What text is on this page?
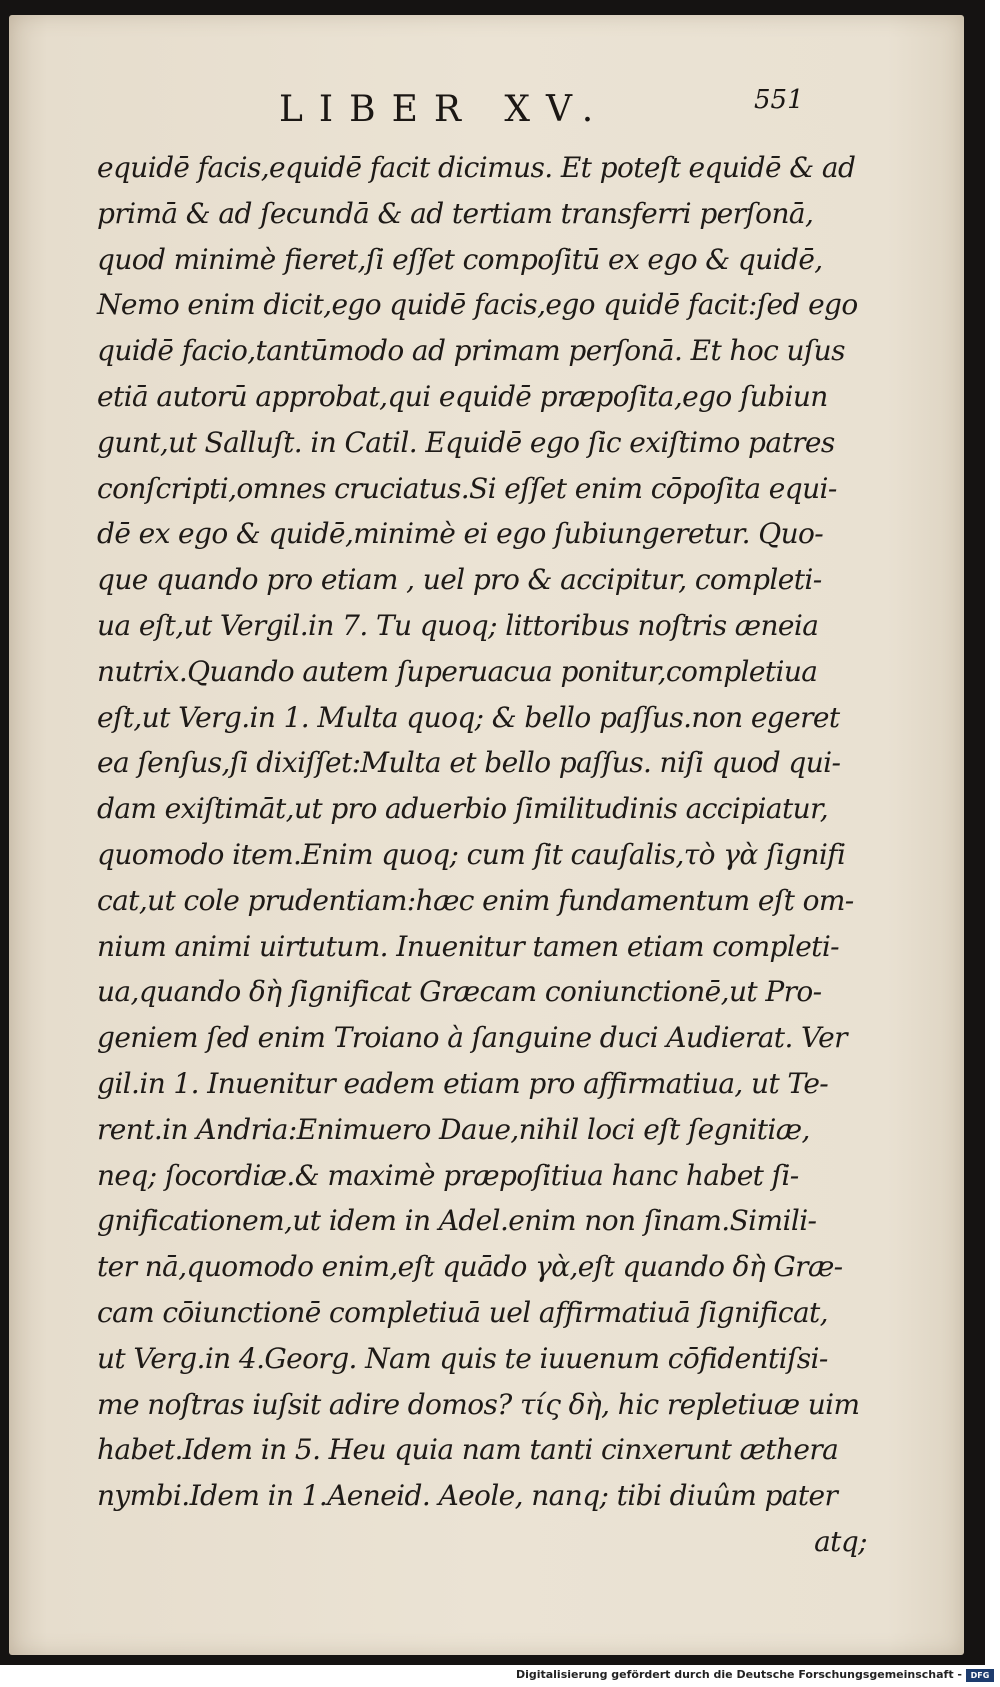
LIBER XV.	551
equidē facis,equidē facit dicimus. Et poteſt equidē & ad
primā & ad ſecundā & ad tertiam transferri perſonā,
quod minimè fieret,ſi eſſet compoſitū ex ego & quidē,
Nemo enim dicit,ego quidē facis,ego quidē facit:ſed ego
quidē facio,tantūmodo ad primam perſonā. Et hoc uſus
etiā autorū approbat,qui equidē præpoſita,ego ſubiun
gunt,ut Salluſt. in Catil. Equidē ego ſic exiſtimo patres
conſcripti,omnes cruciatus.Si eſſet enim cōpoſita equi-
dē ex ego & quidē,minimè ei ego ſubiungeretur. Quo-
que quando pro etiam , uel pro & accipitur, completi-
ua eſt,ut Vergil.in 7. Tu quoq; littoribus noſtris æneia
nutrix.Quando autem ſuperuacua ponitur,completiua
eſt,ut Verg.in 1. Multa quoq; & bello paſſus.non egeret
ea ſenſus,ſi dixiſſet:Multa et bello paſſus. niſi quod qui-
dam exiſtimāt,ut pro aduerbio ſimilitudinis accipiatur,
quomodo item.Enim quoq; cum ſit cauſalis,τὸ γὰ ſignifi
cat,ut cole prudentiam:hæc enim fundamentum eſt om-
nium animi uirtutum. Inuenitur tamen etiam completi-
ua,quando δὴ ſignificat Græcam coniunctionē,ut Pro-
geniem ſed enim Troiano à ſanguine duci Audierat. Ver
gil.in 1. Inuenitur eadem etiam pro affirmatiua, ut Te-
rent.in Andria:Enimuero Daue,nihil loci eſt ſegnitiæ,
neq; ſocordiæ.& maximè præpoſitiua hanc habet ſi-
gnificationem,ut idem in Adel.enim non ſinam.Simili-
ter nā,quomodo enim,eſt quādo γὰ,eſt quando δὴ Græ-
cam cōiunctionē completiuā uel affirmatiuā ſignificat,
ut Verg.in 4.Georg. Nam quis te iuuenum cōfidentiſsi-
me noſtras iuſsit adire domos? τίς δὴ, hic repletiuæ uim
habet.Idem in 5. Heu quia nam tanti cinxerunt æthera
nymbi.Idem in 1.Aeneid. Aeole, nanq; tibi diuûm pater
atq;
Digitalisierung gefördert durch die Deutsche Forschungsgemeinschaft -	DFG
